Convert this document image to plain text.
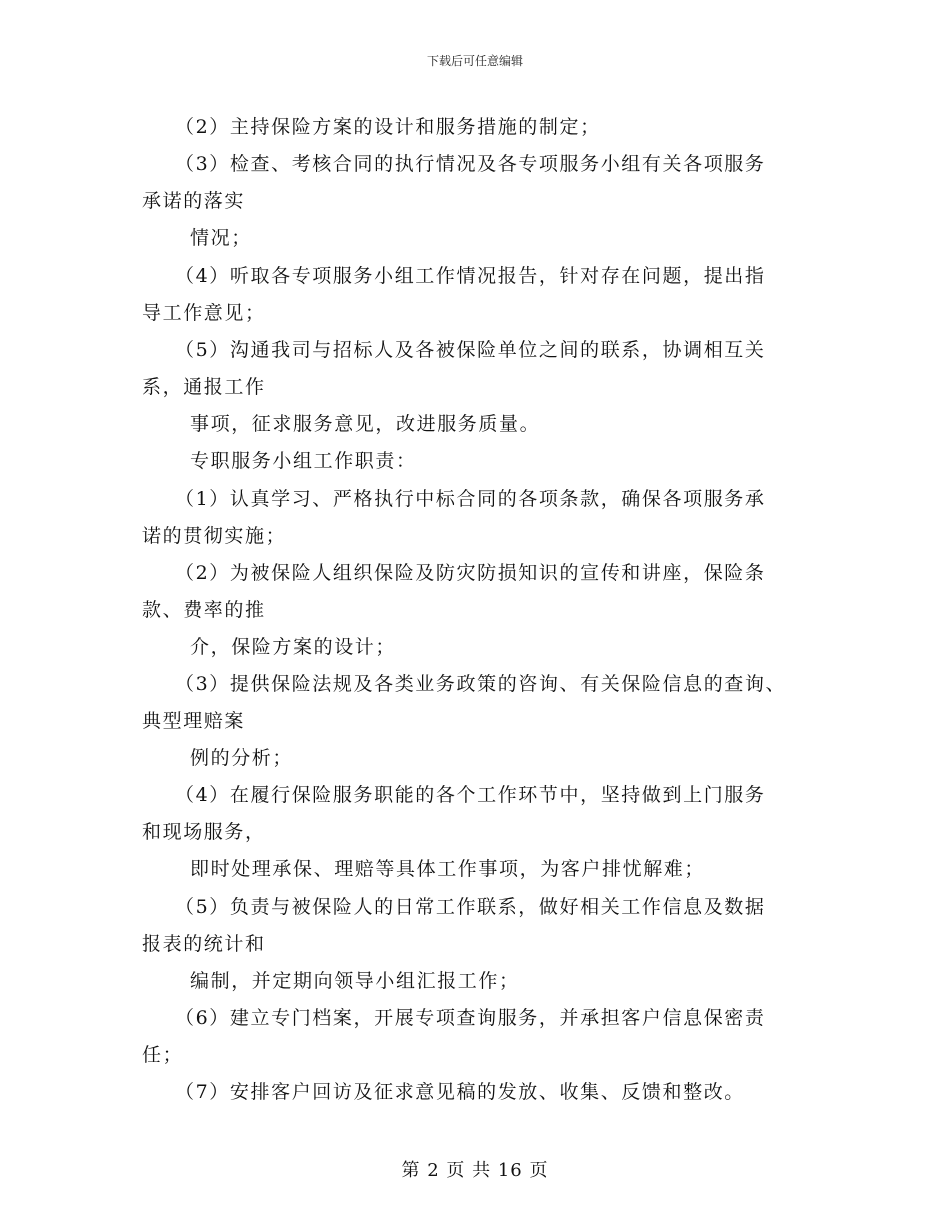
下载后可任意编辑
（2）主持保险方案的设计和服务措施的制定；
（3）检查、考核合同的执行情况及各专项服务小组有关各项服务
承诺的落实
情况；
（4）听取各专项服务小组工作情况报告，针对存在问题，提出指
导工作意见；
（5）沟通我司与招标人及各被保险单位之间的联系，协调相互关
系，通报工作
事项，征求服务意见，改进服务质量。
专职服务小组工作职责：
（1）认真学习、严格执行中标合同的各项条款，确保各项服务承
诺的贯彻实施；
（2）为被保险人组织保险及防灾防损知识的宣传和讲座，保险条
款、费率的推
介，保险方案的设计；
（3）提供保险法规及各类业务政策的咨询、有关保险信息的查询、
典型理赔案
例的分析；
（4）在履行保险服务职能的各个工作环节中，坚持做到上门服务
和现场服务，
即时处理承保、理赔等具体工作事项，为客户排忧解难；
（5）负责与被保险人的日常工作联系，做好相关工作信息及数据
报表的统计和
编制，并定期向领导小组汇报工作；
（6）建立专门档案，开展专项查询服务，并承担客户信息保密责
任；
（7）安排客户回访及征求意见稿的发放、收集、反馈和整改。
第 2 页 共 16 页
